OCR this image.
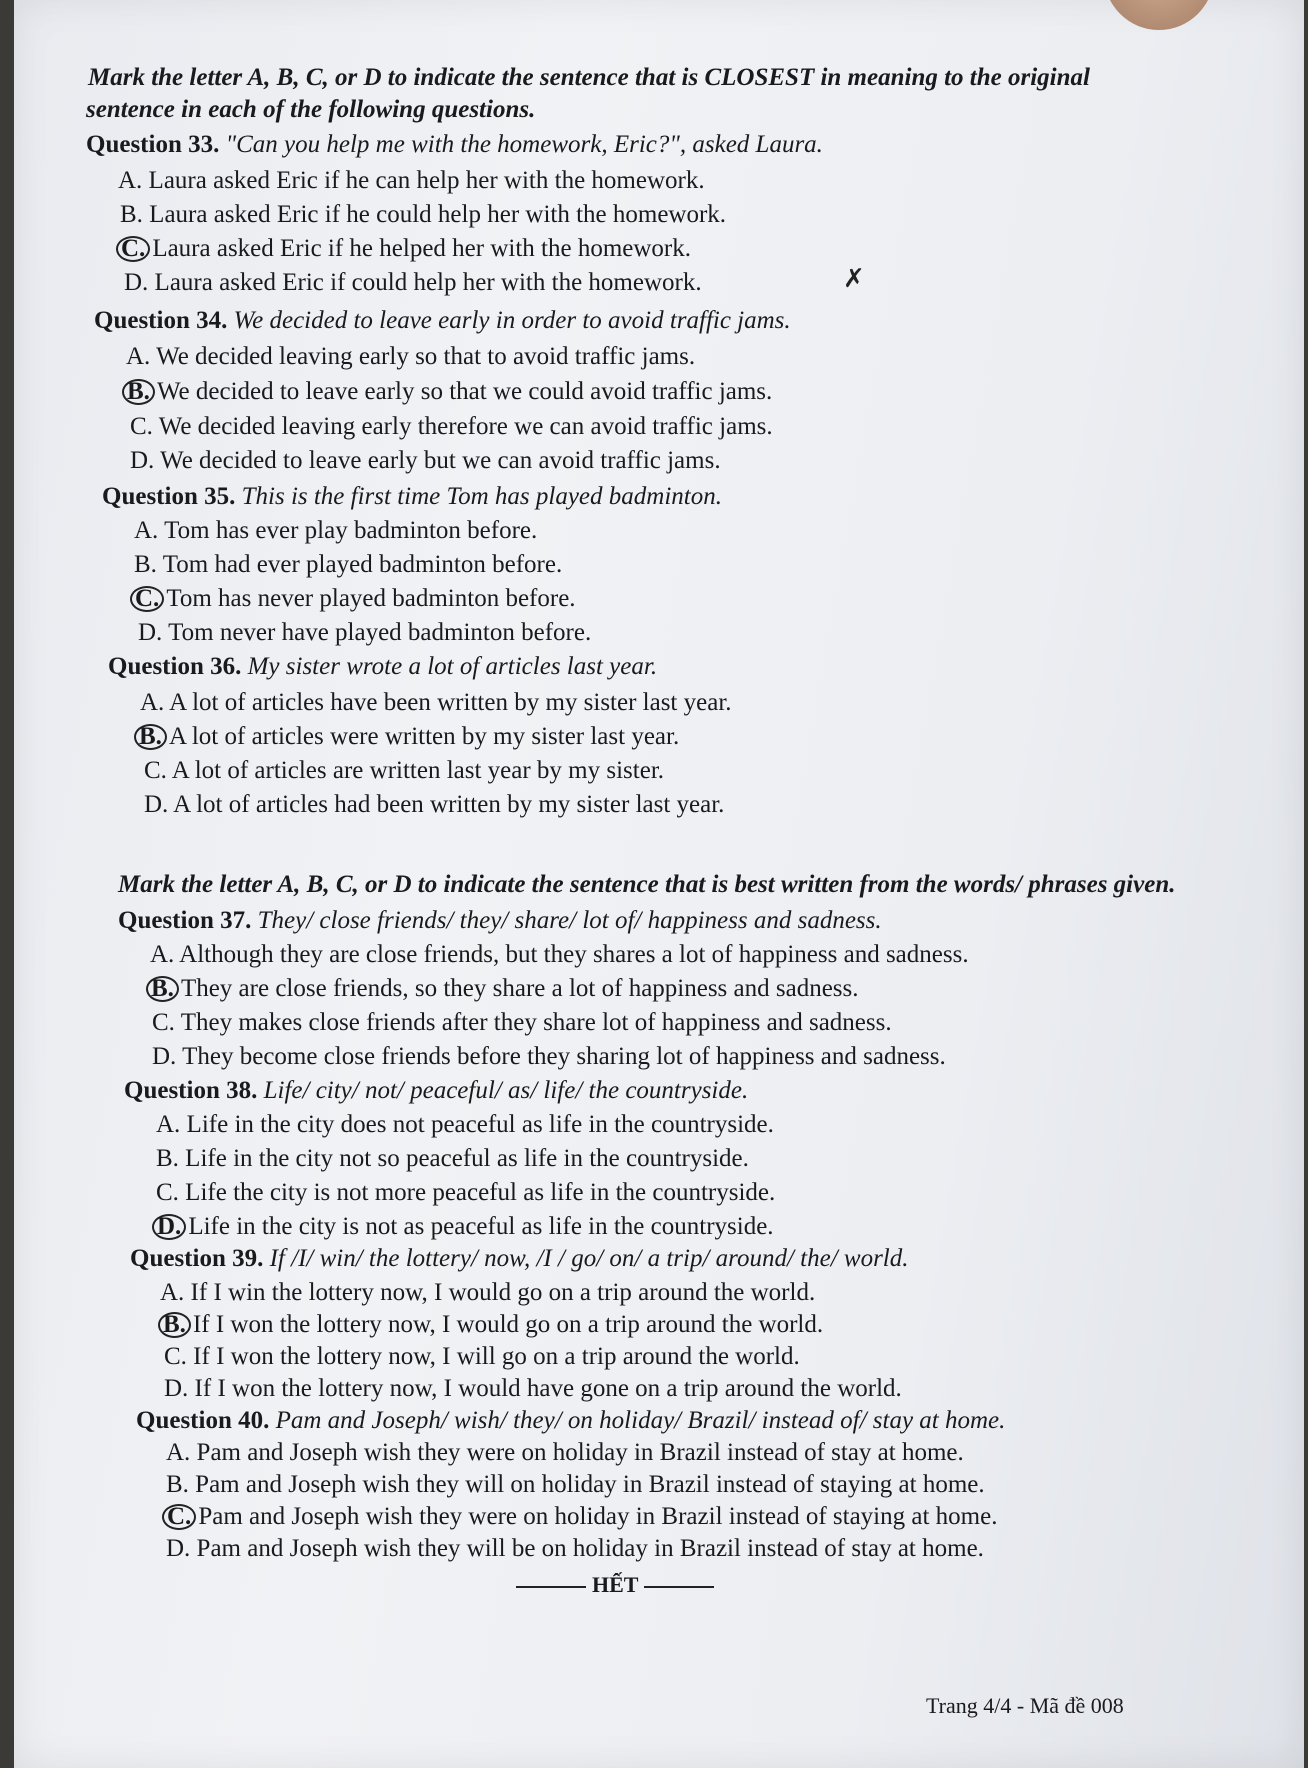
Mark the letter A, B, C, or D to indicate the sentence that is CLOSEST in meaning to the original
sentence in each of the following questions.
Question 33. "Can you help me with the homework, Eric?", asked Laura.
A. Laura asked Eric if he can help her with the homework.
B. Laura asked Eric if he could help her with the homework.
C. Laura asked Eric if he helped her with the homework.
✗
D. Laura asked Eric if could help her with the homework.
Question 34. We decided to leave early in order to avoid traffic jams.
A. We decided leaving early so that to avoid traffic jams.
B. We decided to leave early so that we could avoid traffic jams.
C. We decided leaving early therefore we can avoid traffic jams.
D. We decided to leave early but we can avoid traffic jams.
Question 35. This is the first time Tom has played badminton.
A. Tom has ever play badminton before.
B. Tom had ever played badminton before.
C. Tom has never played badminton before.
D. Tom never have played badminton before.
Question 36. My sister wrote a lot of articles last year.
A. A lot of articles have been written by my sister last year.
B. A lot of articles were written by my sister last year.
C. A lot of articles are written last year by my sister.
D. A lot of articles had been written by my sister last year.
Mark the letter A, B, C, or D to indicate the sentence that is best written from the words/ phrases given.
Question 37. They/ close friends/ they/ share/ lot of/ happiness and sadness.
A. Although they are close friends, but they shares a lot of happiness and sadness.
B. They are close friends, so they share a lot of happiness and sadness.
C. They makes close friends after they share lot of happiness and sadness.
D. They become close friends before they sharing lot of happiness and sadness.
Question 38. Life/ city/ not/ peaceful/ as/ life/ the countryside.
A. Life in the city does not peaceful as life in the countryside.
B. Life in the city not so peaceful as life in the countryside.
C. Life the city is not more peaceful as life in the countryside.
D. Life in the city is not as peaceful as life in the countryside.
Question 39. If /I/ win/ the lottery/ now, /I / go/ on/ a trip/ around/ the/ world.
A. If I win the lottery now, I would go on a trip around the world.
B. If I won the lottery now, I would go on a trip around the world.
C. If I won the lottery now, I will go on a trip around the world.
D. If I won the lottery now, I would have gone on a trip around the world.
Question 40. Pam and Joseph/ wish/ they/ on holiday/ Brazil/ instead of/ stay at home.
A. Pam and Joseph wish they were on holiday in Brazil instead of stay at home.
B. Pam and Joseph wish they will on holiday in Brazil instead of staying at home.
C. Pam and Joseph wish they were on holiday in Brazil instead of staying at home.
D. Pam and Joseph wish they will be on holiday in Brazil instead of stay at home.
HẾT
Trang 4/4 - Mã đề 008
